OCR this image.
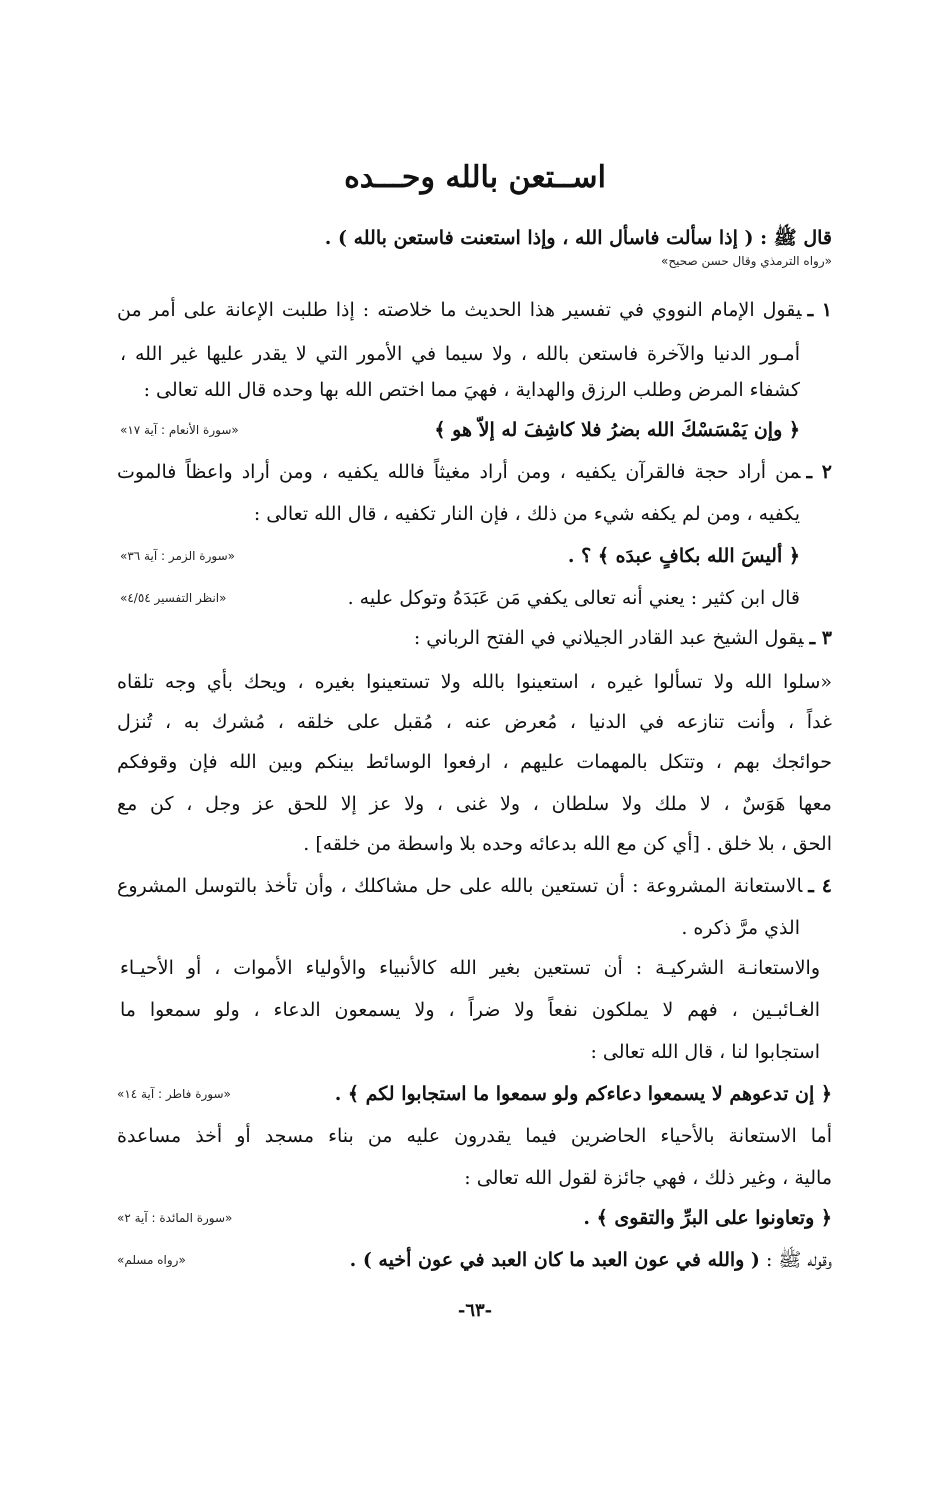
اســتعن بالله وحـــده
قال ﷺ : ( إذا سألت فاسأل الله ، وإذا استعنت فاستعن بالله ) .
«رواه الترمذي وقال حسن صحيح»
١ ـيقول الإمام النووي في تفسير هذا الحديث ما خلاصته : إذا طلبت الإعانة على أمر من
أمـور الدنيا والآخرة فاستعن بالله ، ولا سيما في الأمور التي لا يقدر عليها غير الله ،
كشفاء المرض وطلب الرزق والهداية ، فهيَ مما اختص الله بها وحده قال الله تعالى :
﴿ وإن يَمْسَسْكَ الله بضرُ فلا كاشِفَ له إلاّ هو ﴾
«سورة الأنعام : آية ١٧»
٢ ـمن أراد حجة فالقرآن يكفيه ، ومن أراد مغيثاً فالله يكفيه ، ومن أراد واعظاً فالموت
يكفيه ، ومن لم يكفه شيء من ذلك ، فإن النار تكفيه ، قال الله تعالى :
﴿ أليسَ الله بكافٍ عبدَه ﴾ ؟ .
«سورة الزمر : آية ٣٦»
قال ابن كثير : يعني أنه تعالى يكفي مَن عَبَدَهُ وتوكل عليه .
«انظر التفسير ٤/٥٤»
٣ ـيقول الشيخ عبد القادر الجيلاني في الفتح الرباني :
«سلوا الله ولا تسألوا غيره ، استعينوا بالله ولا تستعينوا بغيره ، ويحك بأي وجه تلقاه
غداً ، وأنت تنازعه في الدنيا ، مُعرض عنه ، مُقبل على خلقه ، مُشرك به ، تُنزل
حوائجك بهم ، وتتكل بالمهمات عليهم ، ارفعوا الوسائط بينكم وبين الله فإن وقوفكم
معها هَوَسٌ ، لا ملك ولا سلطان ، ولا غنى ، ولا عز إلا للحق عز وجل ، كن مع
الحق ، بلا خلق . [أي كن مع الله بدعائه وحده بلا واسطة من خلقه] .
٤ ـالاستعانة المشروعة : أن تستعين بالله على حل مشاكلك ، وأن تأخذ بالتوسل المشروع
الذي مرَّ ذكره .
والاستعانـة الشركيـة : أن تستعين بغير الله كالأنبياء والأولياء الأموات ، أو الأحيـاء
الغـائبـين ، فهم لا يملكون نفعاً ولا ضراً ، ولا يسمعون الدعاء ، ولو سمعوا ما
استجابوا لنا ، قال الله تعالى :
﴿ إن تدعوهم لا يسمعوا دعاءكم ولو سمعوا ما استجابوا لكم ﴾ .
«سورة فاطر : آية ١٤»
أما الاستعانة بالأحياء الحاضرين فيما يقدرون عليه من بناء مسجد أو أخذ مساعدة
مالية ، وغير ذلك ، فهي جائزة لقول الله تعالى :
﴿ وتعاونوا على البرِّ والتقوى ﴾ .
«سورة المائدة : آية ٢»
وقوله ﷺ : ( والله في عون العبد ما كان العبد في عون أخيه ) .
«رواه مسلم»
-٦٣-
